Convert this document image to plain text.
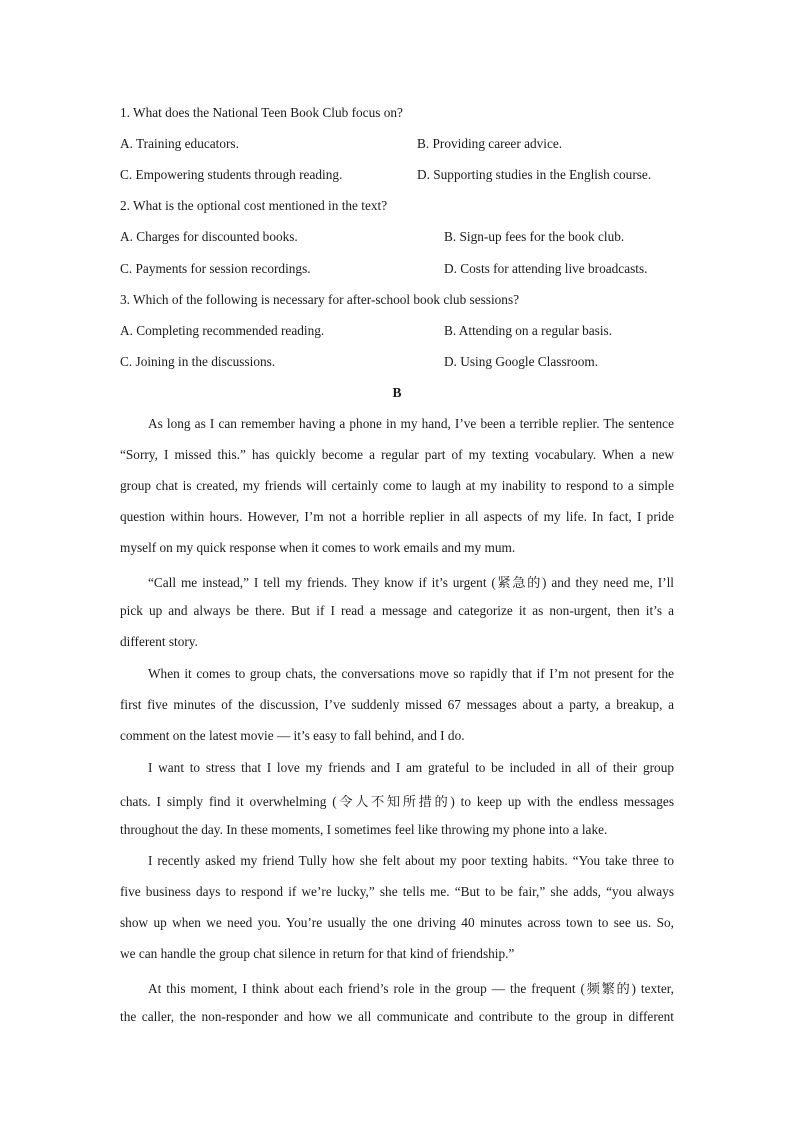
1. What does the National Teen Book Club focus on?
A. Training educators.	B. Providing career advice.
C. Empowering students through reading.	D. Supporting studies in the English course.
2. What is the optional cost mentioned in the text?
A. Charges for discounted books.	B. Sign-up fees for the book club.
C. Payments for session recordings.	D. Costs for attending live broadcasts.
3. Which of the following is necessary for after-school book club sessions?
A. Completing recommended reading.	B. Attending on a regular basis.
C. Joining in the discussions.	D. Using Google Classroom.
B
As long as I can remember having a phone in my hand, I’ve been a terrible replier. The sentence
“Sorry, I missed this.” has quickly become a regular part of my texting vocabulary. When a new
group chat is created, my friends will certainly come to laugh at my inability to respond to a simple
question within hours. However, I’m not a horrible replier in all aspects of my life. In fact, I pride
myself on my quick response when it comes to work emails and my mum.
“Call me instead,” I tell my friends. They know if it’s urgent (紧急的) and they need me, I’ll
pick up and always be there. But if I read a message and categorize it as non-urgent, then it’s a
different story.
When it comes to group chats, the conversations move so rapidly that if I’m not present for the
first five minutes of the discussion, I’ve suddenly missed 67 messages about a party, a breakup, a
comment on the latest movie — it’s easy to fall behind, and I do.
I want to stress that I love my friends and I am grateful to be included in all of their group
chats. I simply find it overwhelming (令人不知所措的) to keep up with the endless messages
throughout the day. In these moments, I sometimes feel like throwing my phone into a lake.
I recently asked my friend Tully how she felt about my poor texting habits. “You take three to
five business days to respond if we’re lucky,” she tells me. “But to be fair,” she adds, “you always
show up when we need you. You’re usually the one driving 40 minutes across town to see us. So,
we can handle the group chat silence in return for that kind of friendship.”
At this moment, I think about each friend’s role in the group — the frequent (频繁的) texter,
the caller, the non-responder and how we all communicate and contribute to the group in different
